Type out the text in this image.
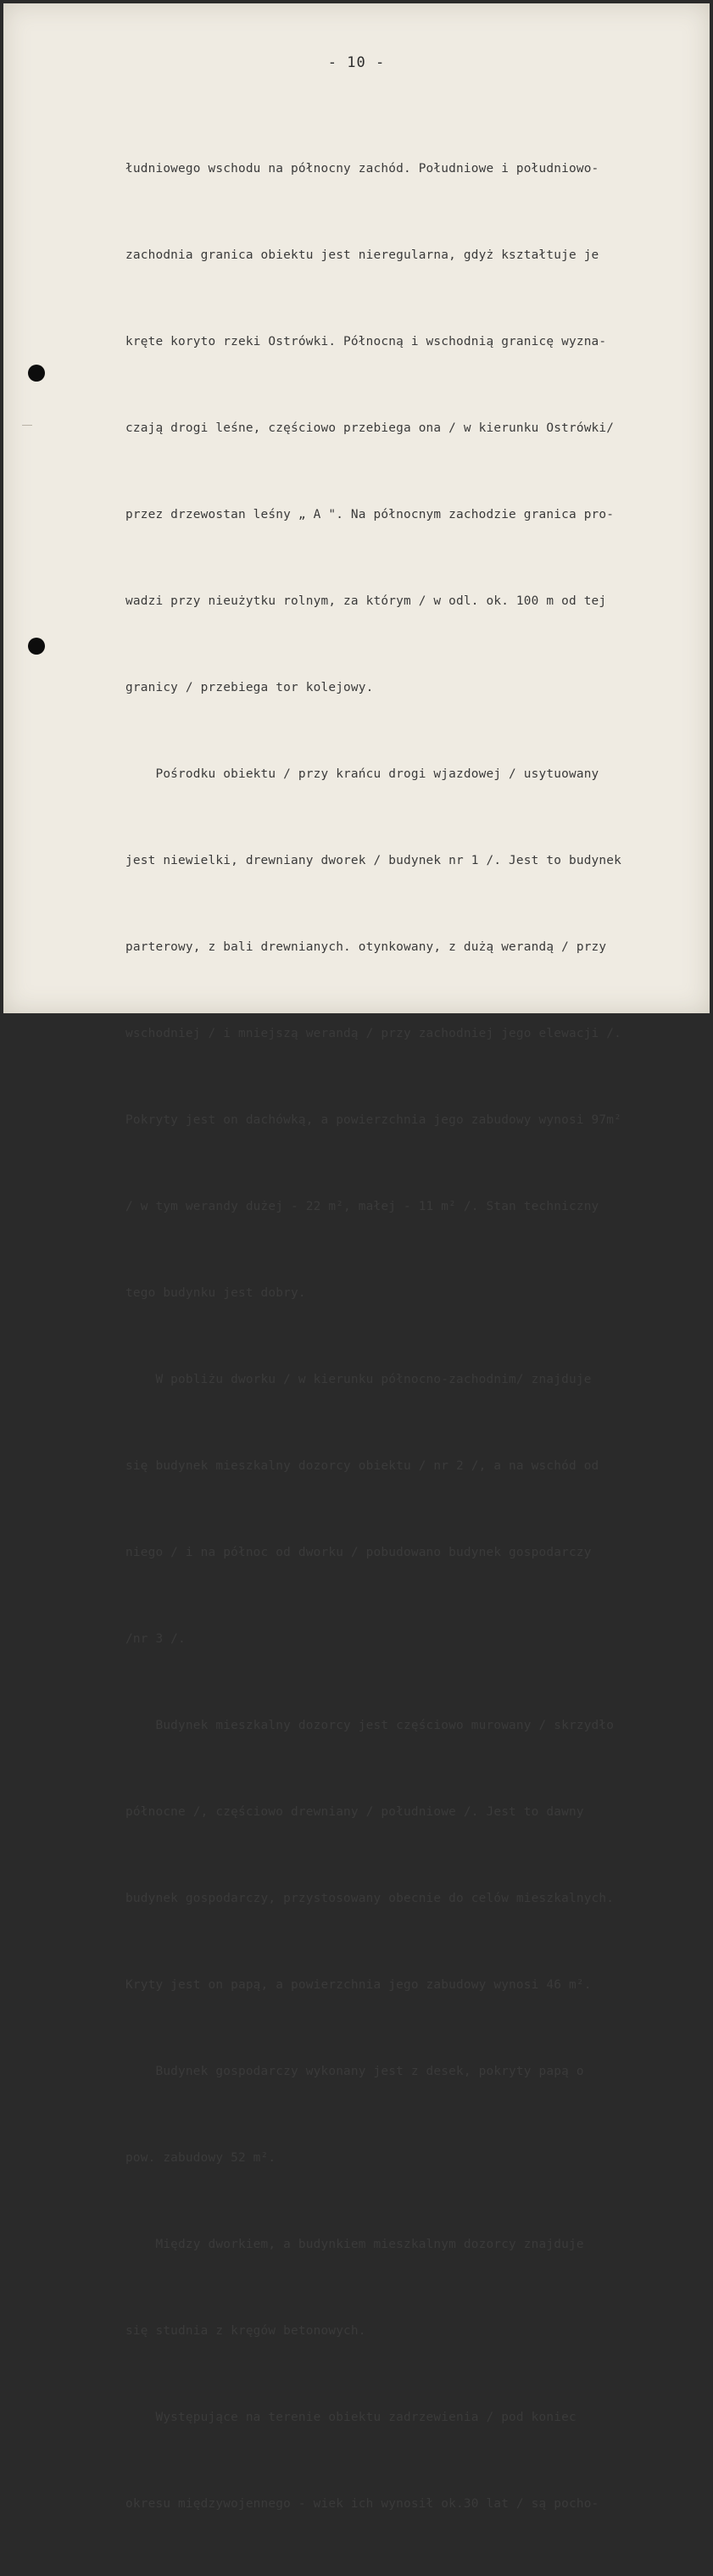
- 10 -

łudniowego wschodu na północny zachód. Południowe i południowo-

zachodnia granica obiektu jest nieregularna, gdyż kształtuje je

kręte koryto rzeki Ostrówki. Północną i wschodnią granicę wyzna-

czają drogi leśne, częściowo przebiega ona / w kierunku Ostrówki/

przez drzewostan leśny „ A ". Na północnym zachodzie granica pro-

wadzi przy nieużytku rolnym, za którym / w odl. ok. 100 m od tej

granicy / przebiega tor kolejowy.

Pośrodku obiektu / przy krańcu drogi wjazdowej / usytuowany

jest niewielki, drewniany dworek / budynek nr 1 /. Jest to budynek

parterowy, z bali drewnianych. otynkowany, z dużą werandą / przy

wschodniej / i mniejszą werandą / przy zachodniej jego elewacji /.

Pokryty jest on dachówką, a powierzchnia jego zabudowy wynosi 97m²

/ w tym werandy dużej - 22 m², małej - 11 m² /. Stan techniczny

tego budynku jest dobry.

W pobliżu dworku / w kierunku północno-zachodnim/ znajduje

się budynek mieszkalny dozorcy obiektu / nr 2 /, a na wschód od

niego / i na północ od dworku / pobudowano budynek gospodarczy

/nr 3 /.

Budynek mieszkalny dozorcy jest częściowo murowany / skrzydło

północne /, częściowo drewniany / południowe /. Jest to dawny

budynek gospodarczy, przystosowany obecnie do celów mieszkalnych.

Kryty jest on papą, a powierzchnia jego zabudowy wynosi 46 m².

Budynek gospodarczy wykonany jest z desek, pokryty papą o

pow. zabudowy 52 m².

Między dworkiem, a budynkiem mieszkalnym dozorcy znajduje

się studnia z kręgów betonowych.

Występujące na terenie obiektu zadrzewienia / pod koniec

okresu międzywojennego - wiek ich wynosił ok.30 lat / są pocho-
